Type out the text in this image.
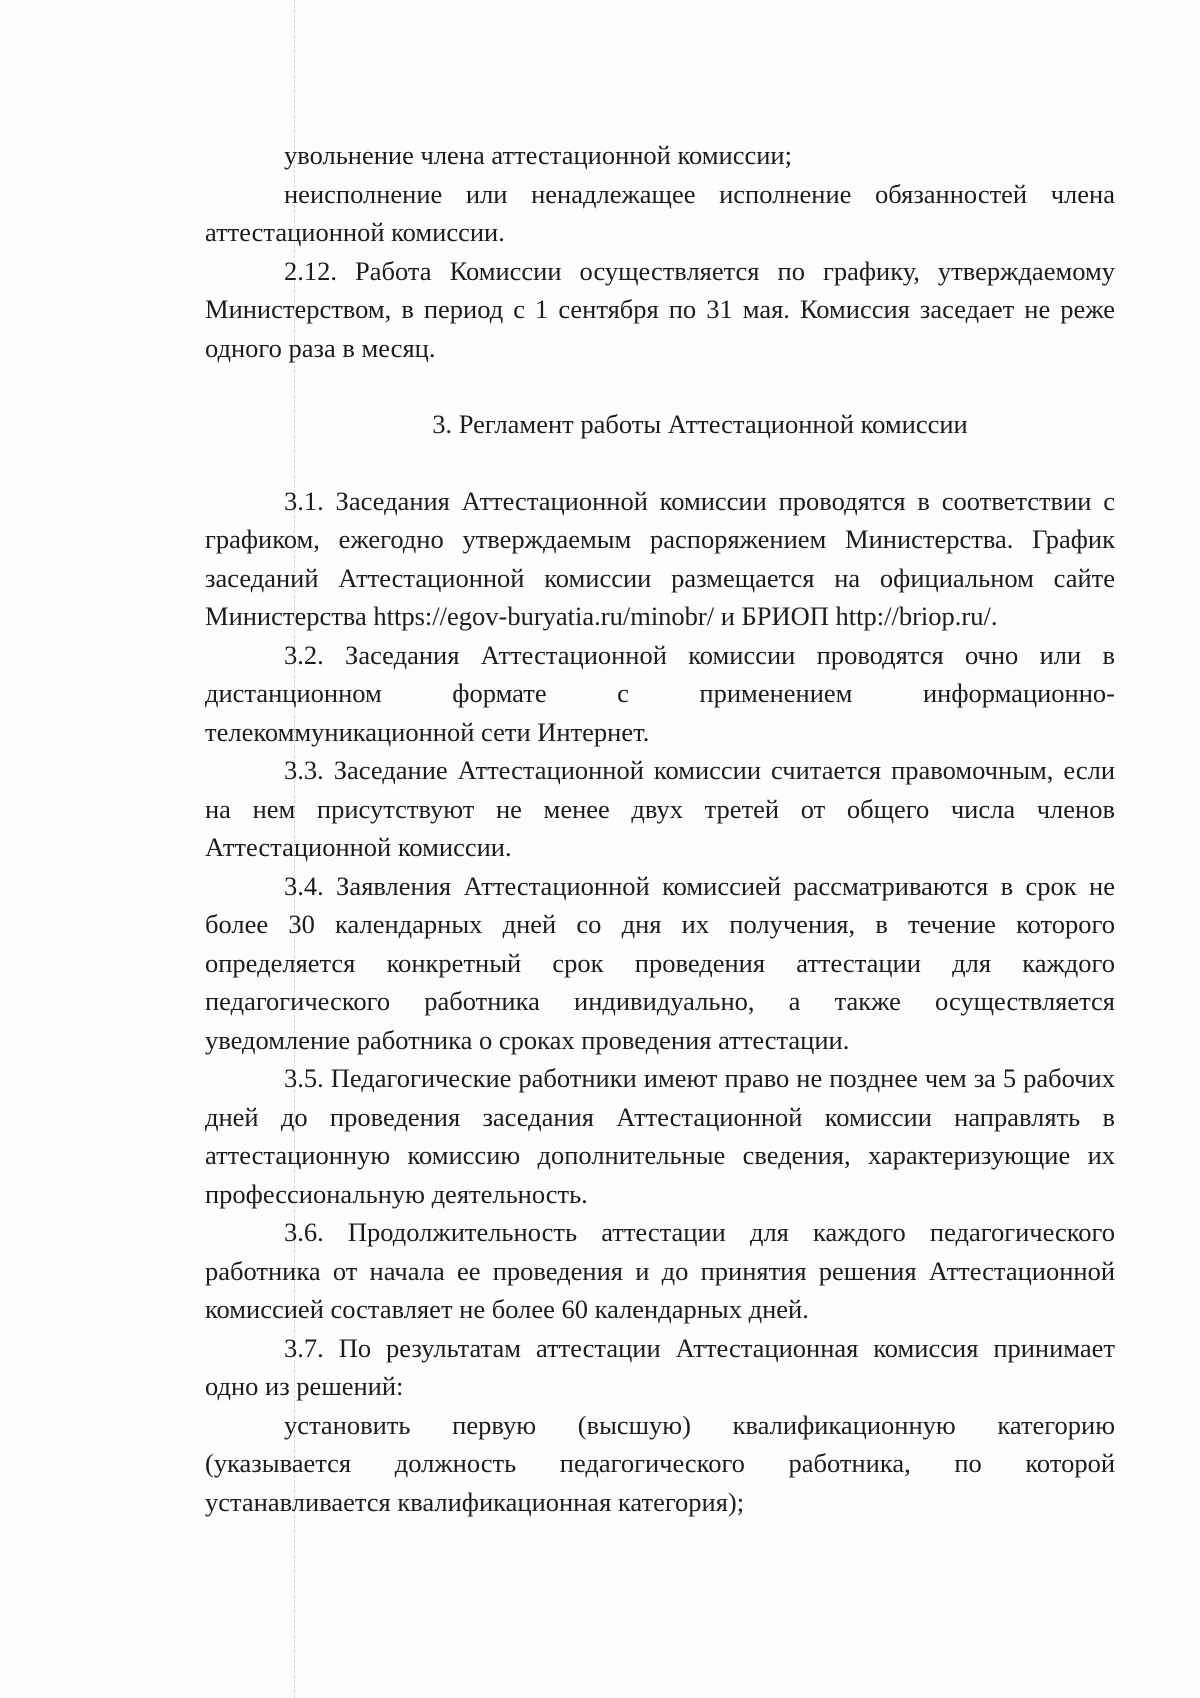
увольнение члена аттестационной комиссии;

неисполнение или ненадлежащее исполнение обязанностей члена аттестационной комиссии.

2.12. Работа Комиссии осуществляется по графику, утверждаемому Министерством, в период с 1 сентября по 31 мая. Комиссия заседает не реже одного раза в месяц.

3. Регламент работы Аттестационной комиссии

3.1. Заседания Аттестационной комиссии проводятся в соответствии с графиком, ежегодно утверждаемым распоряжением Министерства. График заседаний Аттестационной комиссии размещается на официальном сайте Министерства https://egov-buryatia.ru/minobr/ и БРИОП http://briop.ru/.

3.2. Заседания Аттестационной комиссии проводятся очно или в дистанционном формате с применением информационно-телекоммуникационной сети Интернет.

3.3. Заседание Аттестационной комиссии считается правомочным, если на нем присутствуют не менее двух третей от общего числа членов Аттестационной комиссии.

3.4. Заявления Аттестационной комиссией рассматриваются в срок не более 30 календарных дней со дня их получения, в течение которого определяется конкретный срок проведения аттестации для каждого педагогического работника индивидуально, а также осуществляется уведомление работника о сроках проведения аттестации.

3.5. Педагогические работники имеют право не позднее чем за 5 рабочих дней до проведения заседания Аттестационной комиссии направлять в аттестационную комиссию дополнительные сведения, характеризующие их профессиональную деятельность.

3.6. Продолжительность аттестации для каждого педагогического работника от начала ее проведения и до принятия решения Аттестационной комиссией составляет не более 60 календарных дней.

3.7. По результатам аттестации Аттестационная комиссия принимает одно из решений:

установить первую (высшую) квалификационную категорию (указывается должность педагогического работника, по которой устанавливается квалификационная категория);
